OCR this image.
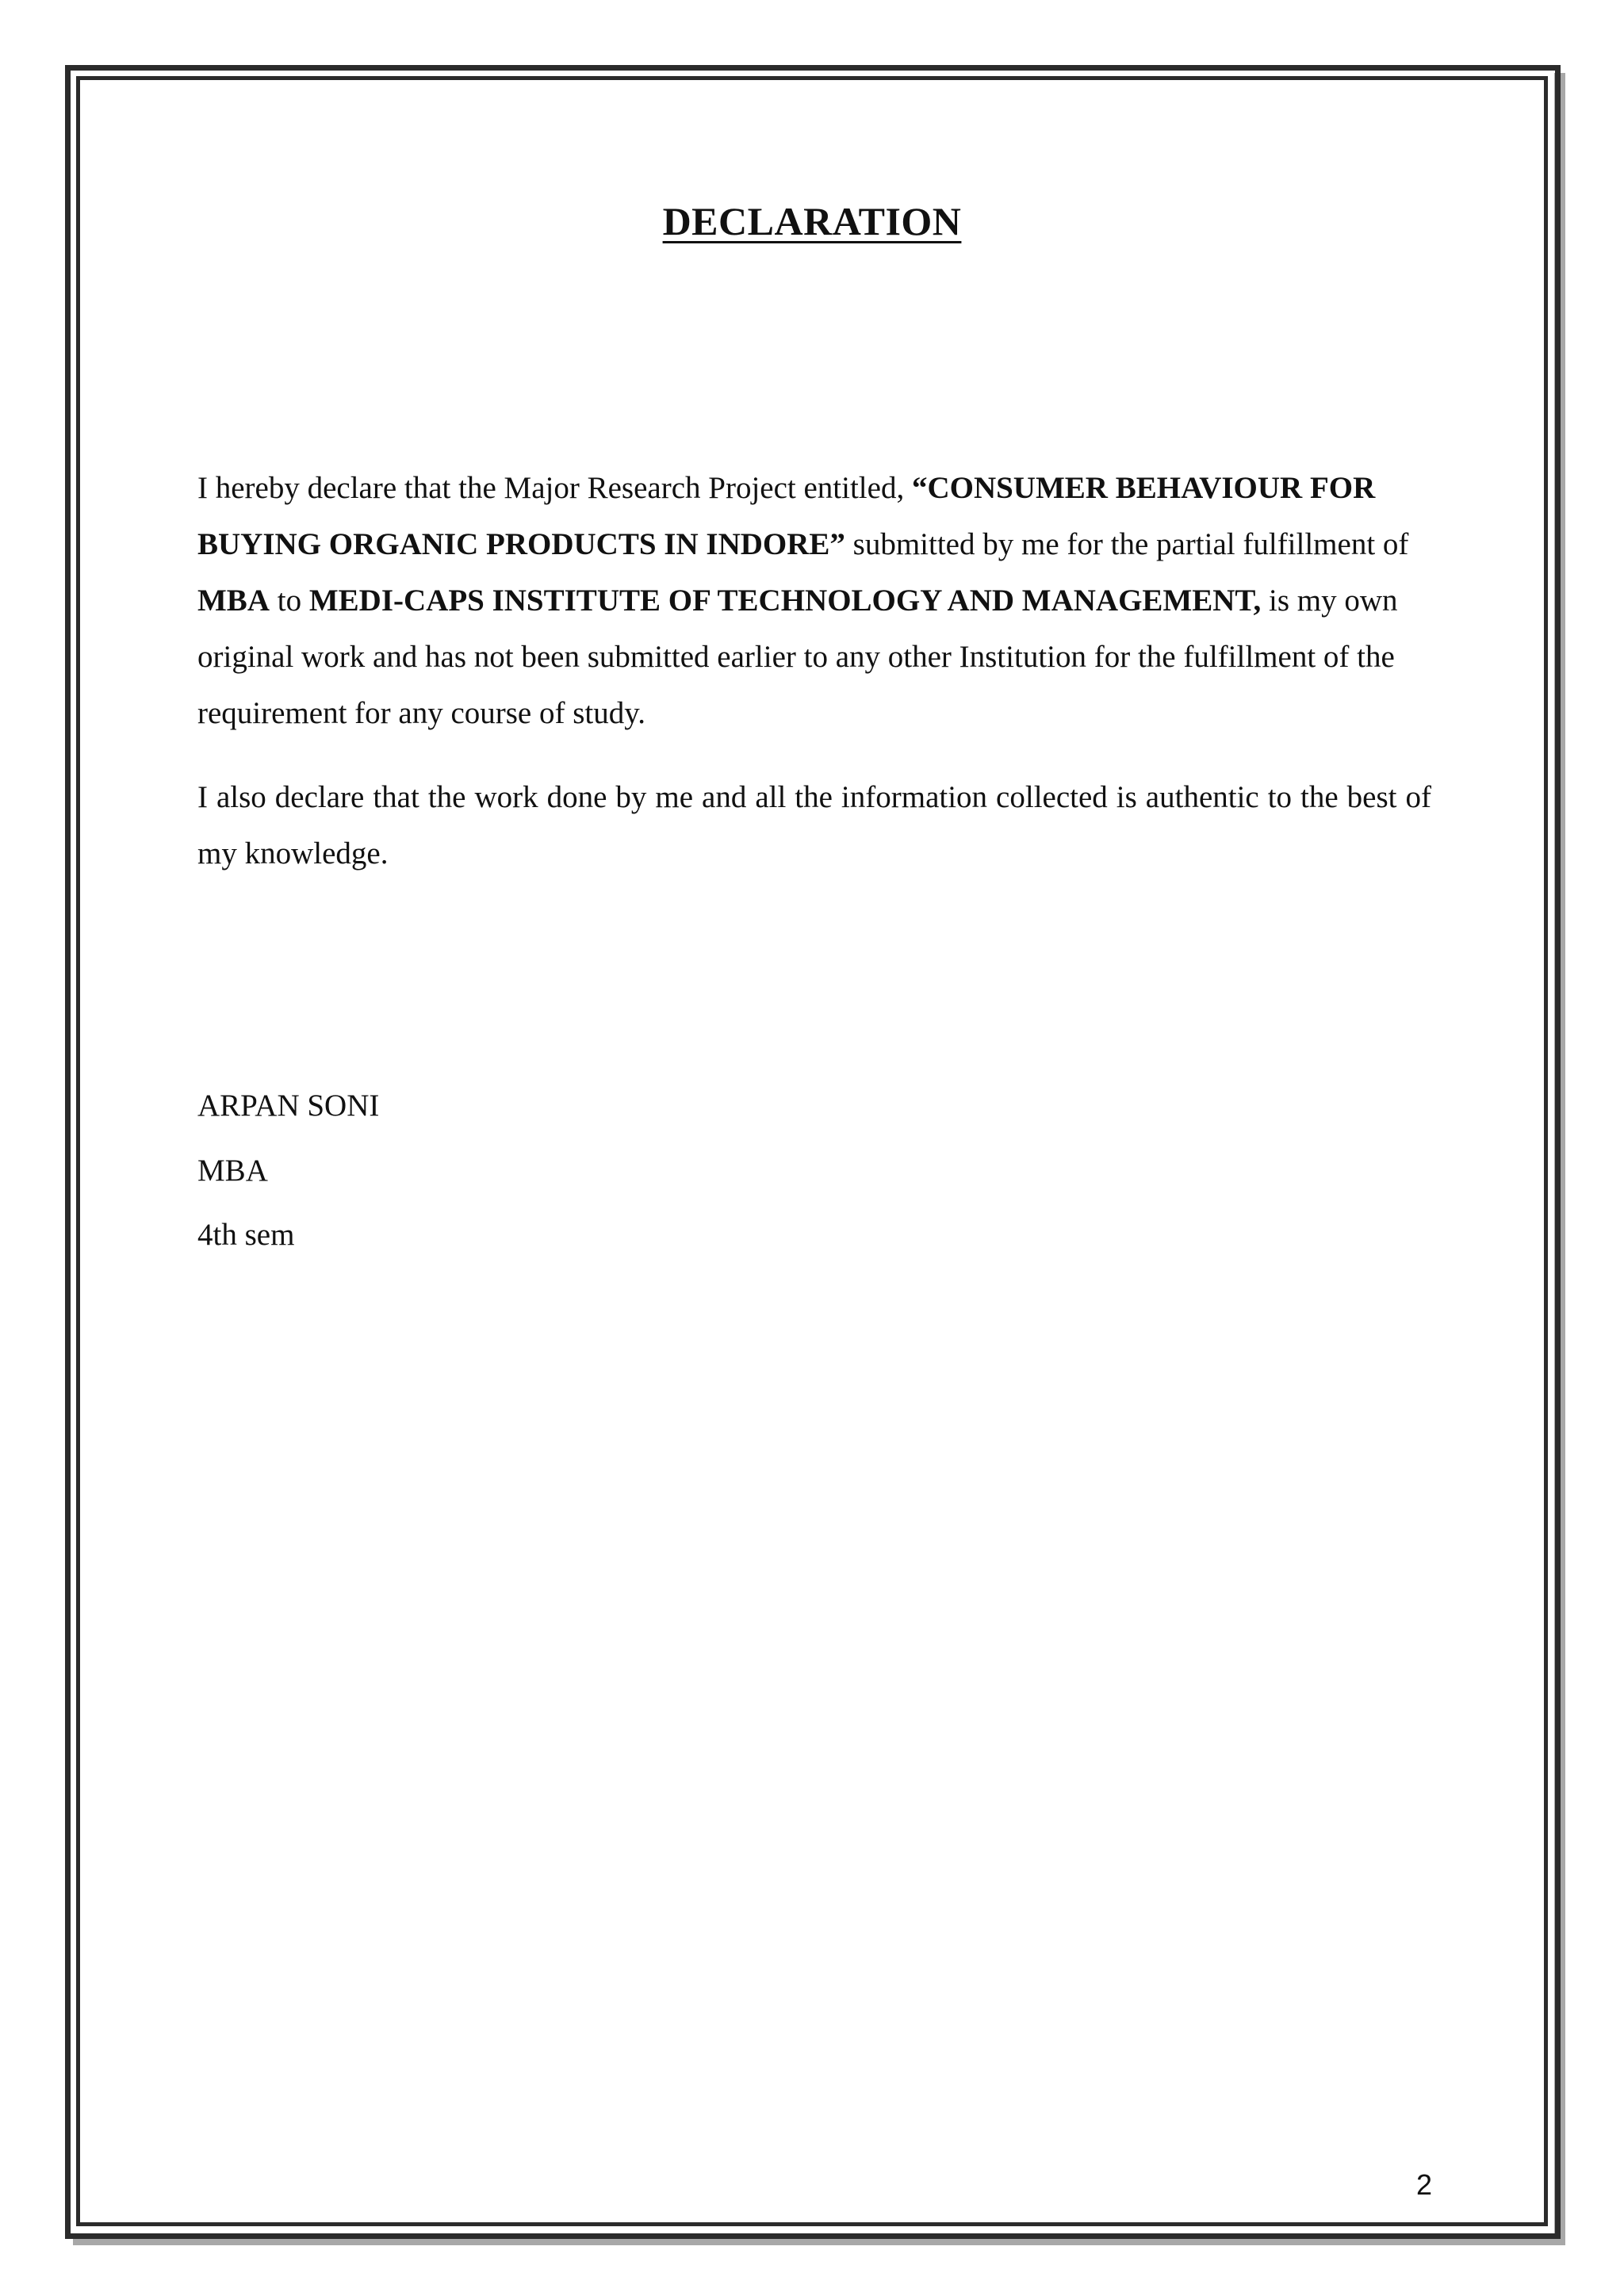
DECLARATION

I hereby declare that the Major Research Project entitled, “CONSUMER BEHAVIOUR FOR BUYING ORGANIC PRODUCTS IN INDORE” submitted by me for the partial fulfillment of MBA to MEDI-CAPS INSTITUTE OF TECHNOLOGY AND MANAGEMENT, is my own original work and has not been submitted earlier to any other Institution for the fulfillment of the requirement for any course of study.

I also declare that the work done by me and all the information collected is authentic to the best of my knowledge.

ARPAN SONI

MBA

4th sem

2
